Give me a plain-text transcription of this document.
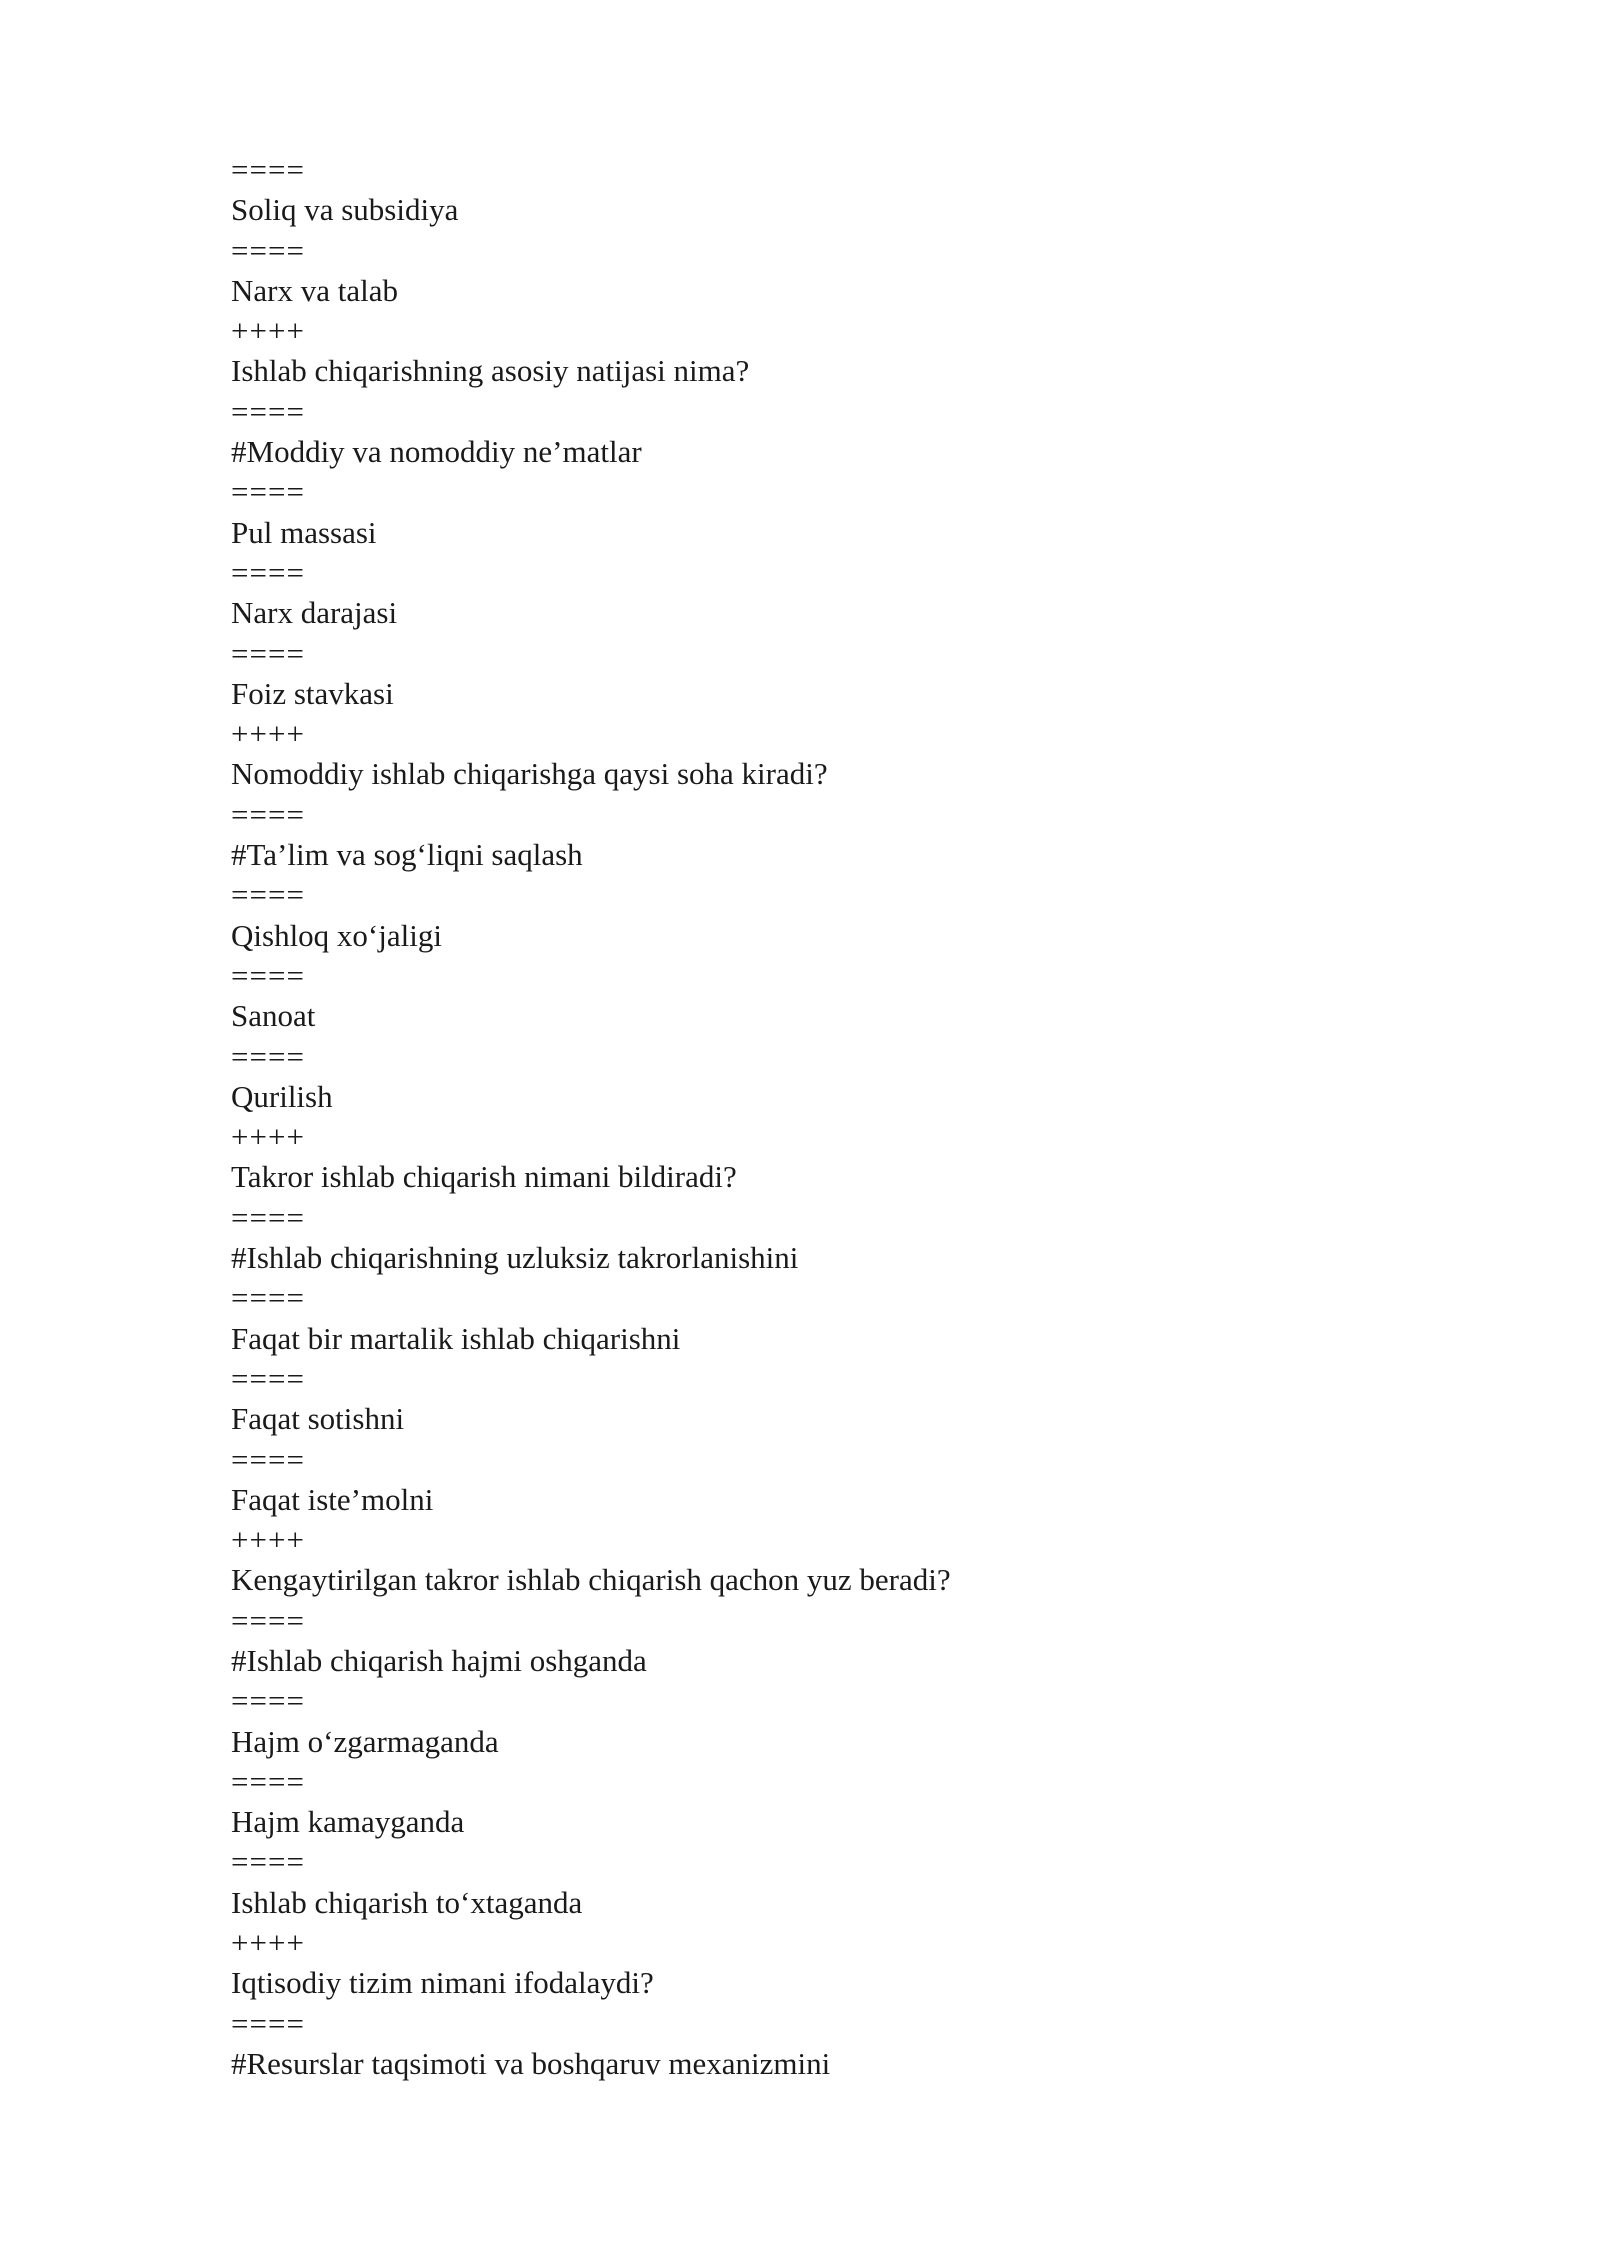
====
Soliq va subsidiya
====
Narx va talab
++++
Ishlab chiqarishning asosiy natijasi nima?
====
#Moddiy va nomoddiy ne’matlar
====
Pul massasi
====
Narx darajasi
====
Foiz stavkasi
++++
Nomoddiy ishlab chiqarishga qaysi soha kiradi?
====
#Ta’lim va sog‘liqni saqlash
====
Qishloq xo‘jaligi
====
Sanoat
====
Qurilish
++++
Takror ishlab chiqarish nimani bildiradi?
====
#Ishlab chiqarishning uzluksiz takrorlanishini
====
Faqat bir martalik ishlab chiqarishni
====
Faqat sotishni
====
Faqat iste’molni
++++
Kengaytirilgan takror ishlab chiqarish qachon yuz beradi?
====
#Ishlab chiqarish hajmi oshganda
====
Hajm o‘zgarmaganda
====
Hajm kamayganda
====
Ishlab chiqarish to‘xtaganda
++++
Iqtisodiy tizim nimani ifodalaydi?
====
#Resurslar taqsimoti va boshqaruv mexanizmini
